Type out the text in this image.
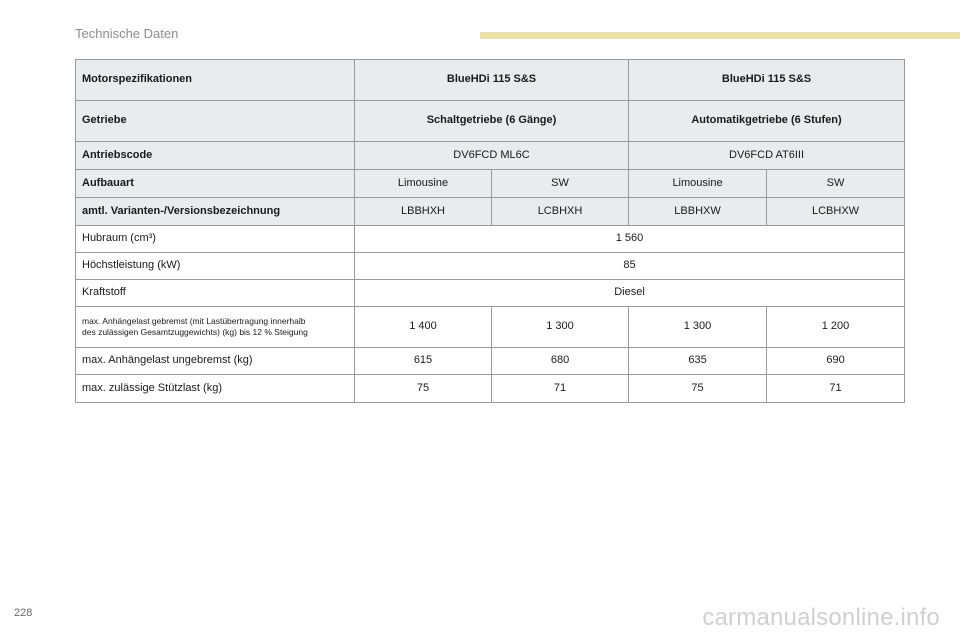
Technische Daten
Motorspezifikationen	BlueHDi 115 S&S		BlueHDi 115 S&S	
Getriebe	Schaltgetriebe (6 Gänge)		Automatikgetriebe (6 Stufen)	
Antriebscode	DV6FCD ML6C		DV6FCD AT6III	
Aufbauart	Limousine	SW	Limousine	SW
amtl. Varianten-/Versionsbezeichnung	LBBHXH	LCBHXH	LBBHXW	LCBHXW
Hubraum (cm³)	1 560			
Höchstleistung (kW)	85			
Kraftstoff	Diesel			
max. Anhängelast gebremst (mit Lastübertragung innerhalb
des zulässigen Gesamtzuggewichts) (kg) bis 12 % Steigung	1 400	1 300	1 300	1 200
max. Anhängelast ungebremst (kg)	615	680	635	690
max. zulässige Stützlast (kg)	75	71	75	71
228	carmanualsonline.info
